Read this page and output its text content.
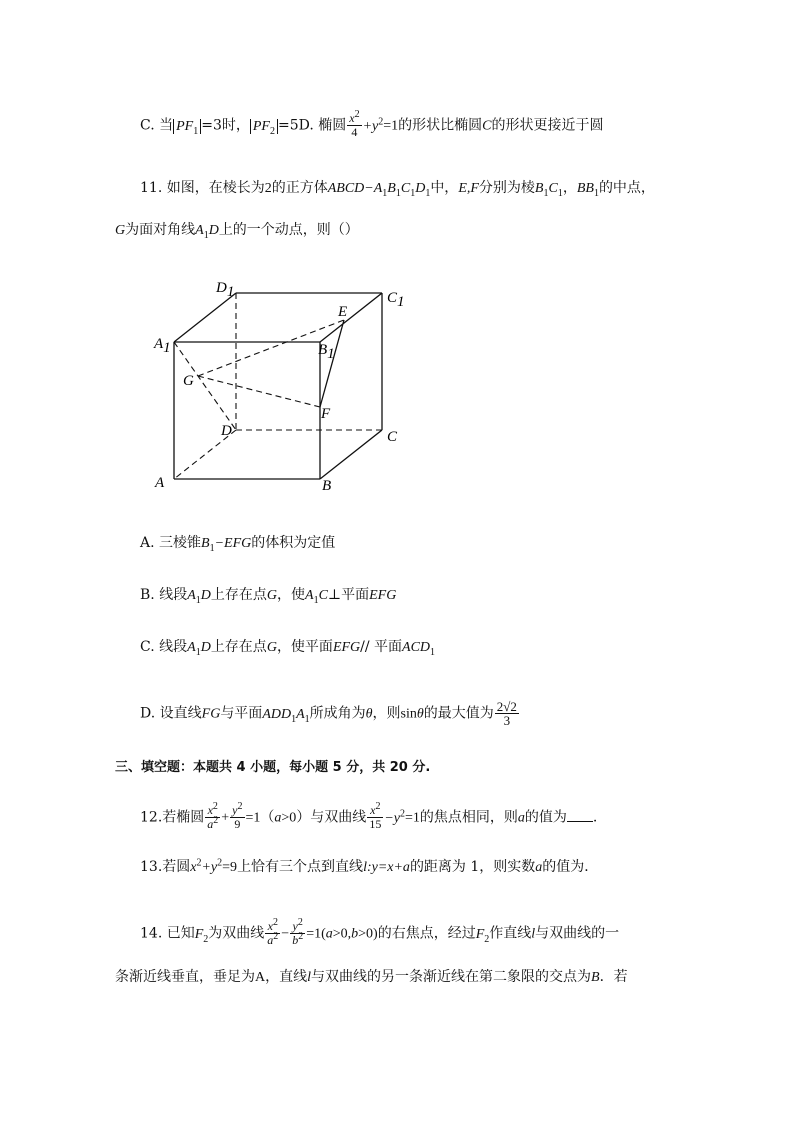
C. 当 $PF_1 =3$时， $PF_2 =5D$. 椭圆 $\frac{x^2}{4} +y^2=1$的形状比椭圆C的形状更接近于圆
11. 如图，在棱长为2的正方体$ABCD-A_1B_1C_1D_1$中，E,F分别为棱$B_1C_1$，$BB_1$的中点，
G为面对角线$A_1D$上的一个动点，则（）
D1	C1
E
A1	B1
G
F
D	C
A	B
A. 三棱锥$B_1-EFG$的体积为定值
B. 线段$A_1D$上存在点G，使$A_1C\perp$平面EFG
C. 线段$A_1D$上存在点G，使平面EFG// 平面$ACD_1$
D. 设直线FG与平面$ADD_1A_1$所成角为θ，则sinθ的最大值为 $\frac{2√2}{3}$
三、填空题：本题共 4 小题，每小题 5 分，共 20 分.
12.若椭圆 $\frac{x^2}{a^2} + \frac{y^2}{9} =1(a>0)$与双曲线 $\frac{x^2}{15} -y^2=1$的焦点相同，则a的值为 .
13.若圆$x^2+y^2=9$上恰有三个点到直线l:y=x+a的距离为 1，则实数a的值为．
14. 已知$F_2$为双曲线 $\frac{x^2}{a^2} - \frac{y^2}{b^2} =1(a>0,b>0)$的右焦点，经过$F_2$作直线l与双曲线的一
条渐近线垂直，垂足为A，直线l与双曲线的另一条渐近线在第二象限的交点为B．若
